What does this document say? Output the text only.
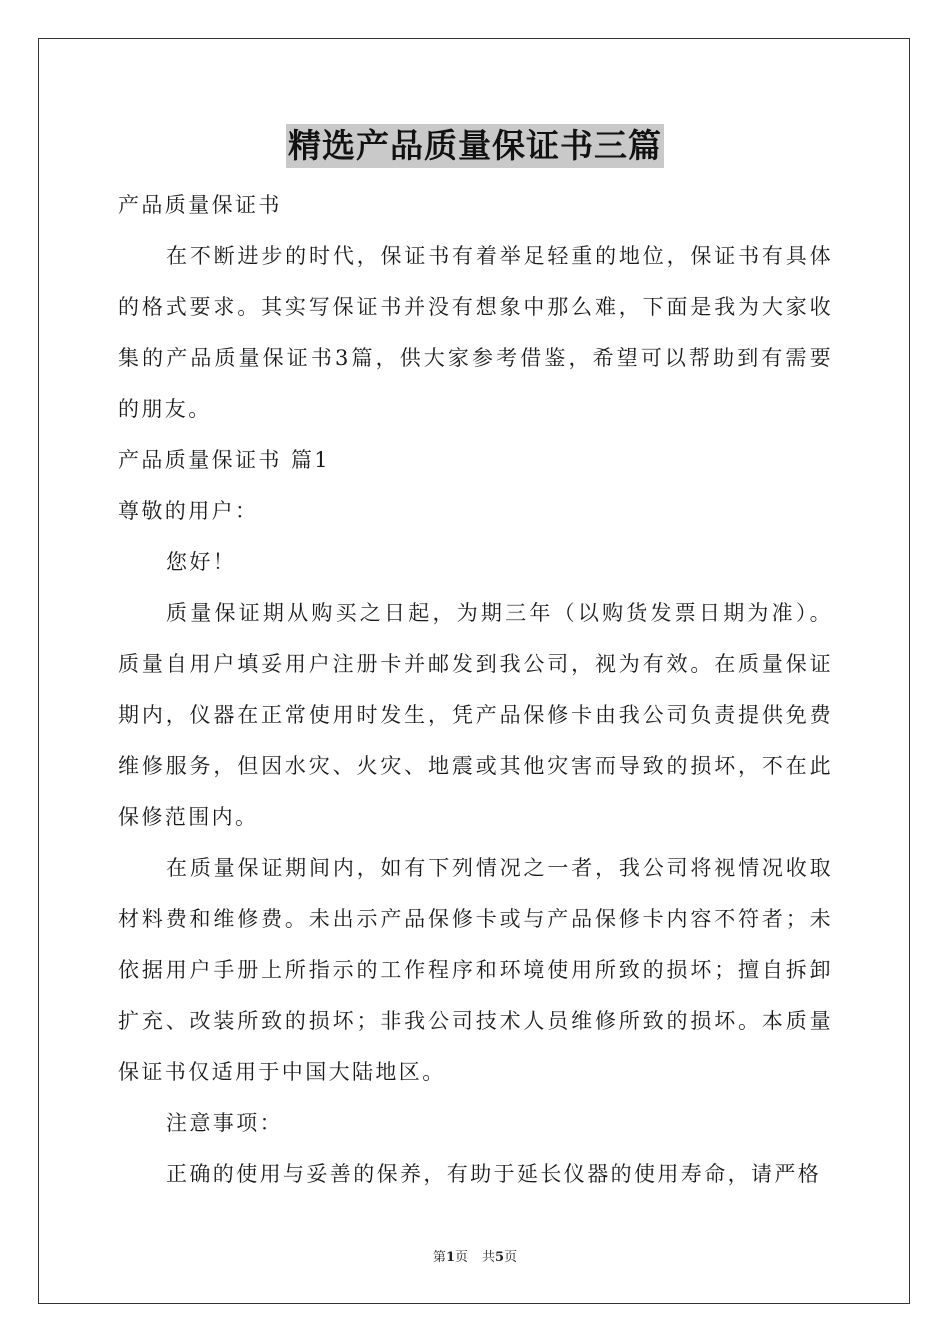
精选产品质量保证书三篇

产品质量保证书

在不断进步的时代，保证书有着举足轻重的地位，保证书有具体的格式要求。其实写保证书并没有想象中那么难，下面是我为大家收集的产品质量保证书3篇，供大家参考借鉴，希望可以帮助到有需要的朋友。

产品质量保证书 篇1

尊敬的用户：

您好！

质量保证期从购买之日起，为期三年（以购货发票日期为准）。质量自用户填妥用户注册卡并邮发到我公司，视为有效。在质量保证期内，仪器在正常使用时发生，凭产品保修卡由我公司负责提供免费维修服务，但因水灾、火灾、地震或其他灾害而导致的损坏，不在此保修范围内。

在质量保证期间内，如有下列情况之一者，我公司将视情况收取材料费和维修费。未出示产品保修卡或与产品保修卡内容不符者；未依据用户手册上所指示的工作程序和环境使用所致的损坏；擅自拆卸扩充、改装所致的损坏；非我公司技术人员维修所致的损坏。本质量保证书仅适用于中国大陆地区。

注意事项：

正确的使用与妥善的保养，有助于延长仪器的使用寿命，请严格

第1页 共5页
